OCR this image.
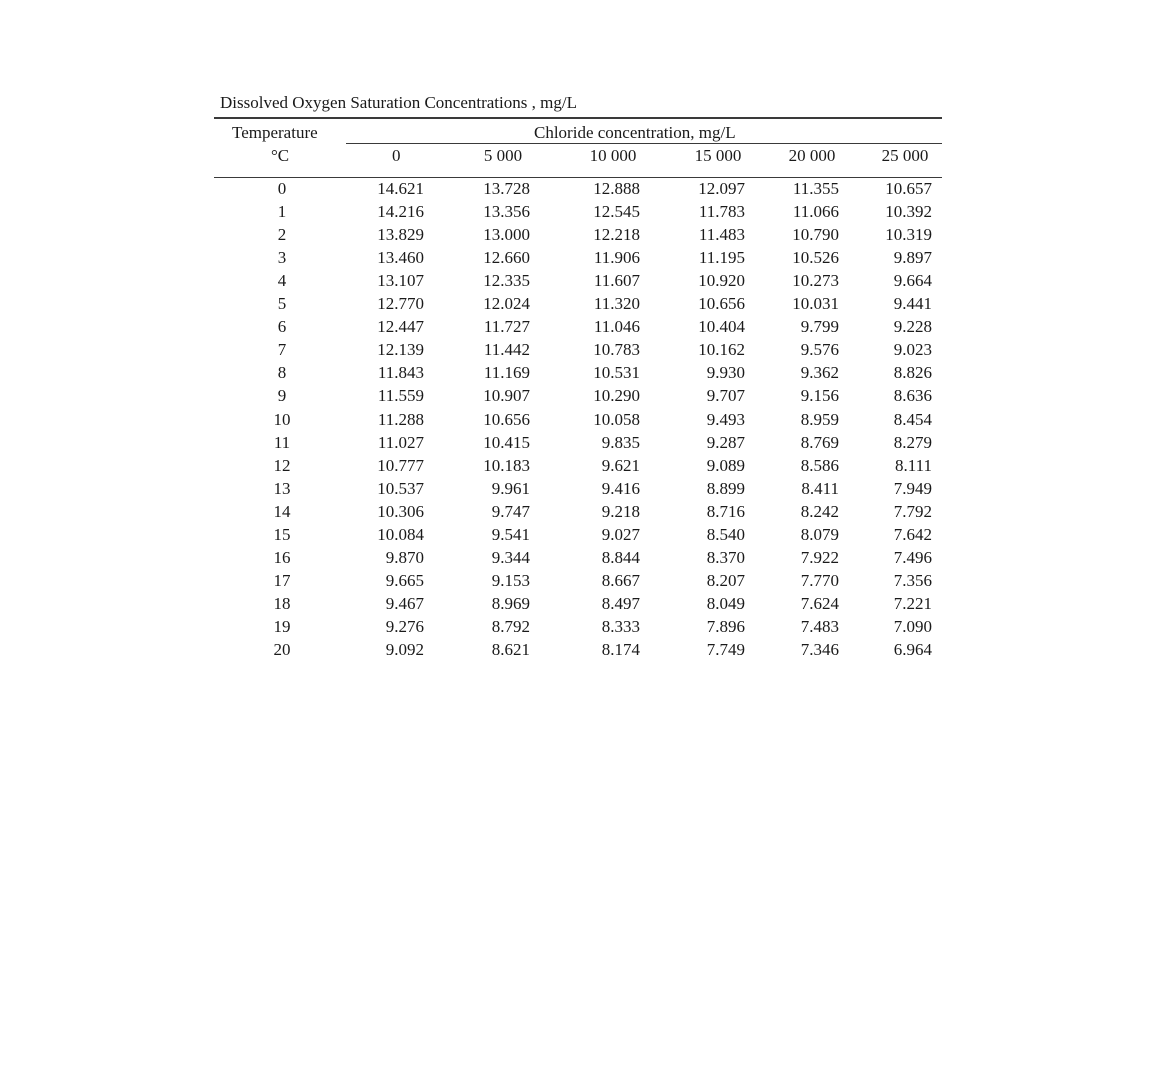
Dissolved Oxygen Saturation Concentrations , mg/L
Temperature	Chloride concentration, mg/L
°C	0	5 000	10 000	15 000	20 000	25 000
0	14.621	13.728	12.888	12.097	11.355	10.657
1	14.216	13.356	12.545	11.783	11.066	10.392
2	13.829	13.000	12.218	11.483	10.790	10.319
3	13.460	12.660	11.906	11.195	10.526	9.897
4	13.107	12.335	11.607	10.920	10.273	9.664
5	12.770	12.024	11.320	10.656	10.031	9.441
6	12.447	11.727	11.046	10.404	9.799	9.228
7	12.139	11.442	10.783	10.162	9.576	9.023
8	11.843	11.169	10.531	9.930	9.362	8.826
9	11.559	10.907	10.290	9.707	9.156	8.636
10	11.288	10.656	10.058	9.493	8.959	8.454
11	11.027	10.415	9.835	9.287	8.769	8.279
12	10.777	10.183	9.621	9.089	8.586	8.111
13	10.537	9.961	9.416	8.899	8.411	7.949
14	10.306	9.747	9.218	8.716	8.242	7.792
15	10.084	9.541	9.027	8.540	8.079	7.642
16	9.870	9.344	8.844	8.370	7.922	7.496
17	9.665	9.153	8.667	8.207	7.770	7.356
18	9.467	8.969	8.497	8.049	7.624	7.221
19	9.276	8.792	8.333	7.896	7.483	7.090
20	9.092	8.621	8.174	7.749	7.346	6.964
